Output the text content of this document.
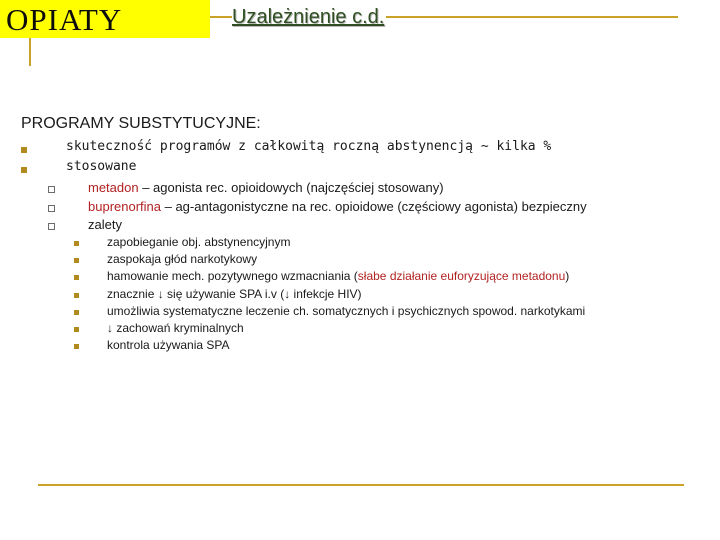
OPIATY	Uzależnienie c.d.
PROGRAMY SUBSTYTUCYJNE:
skuteczność programów z całkowitą roczną abstynencją ~ kilka %
stosowane
metadon – agonista rec. opioidowych (najczęściej stosowany)
buprenorfina – ag-antagonistyczne na rec. opioidowe (częściowy agonista) bezpieczny
zalety
zapobieganie obj. abstynencyjnym
zaspokaja głód narkotykowy
hamowanie mech. pozytywnego wzmacniania (słabe działanie euforyzujące metadonu)
znacznie ↓ się używanie SPA i.v (↓ infekcje HIV)
umożliwia systematyczne leczenie ch. somatycznych i psychicznych spowod. narkotykami
↓ zachowań kryminalnych
kontrola używania SPA
